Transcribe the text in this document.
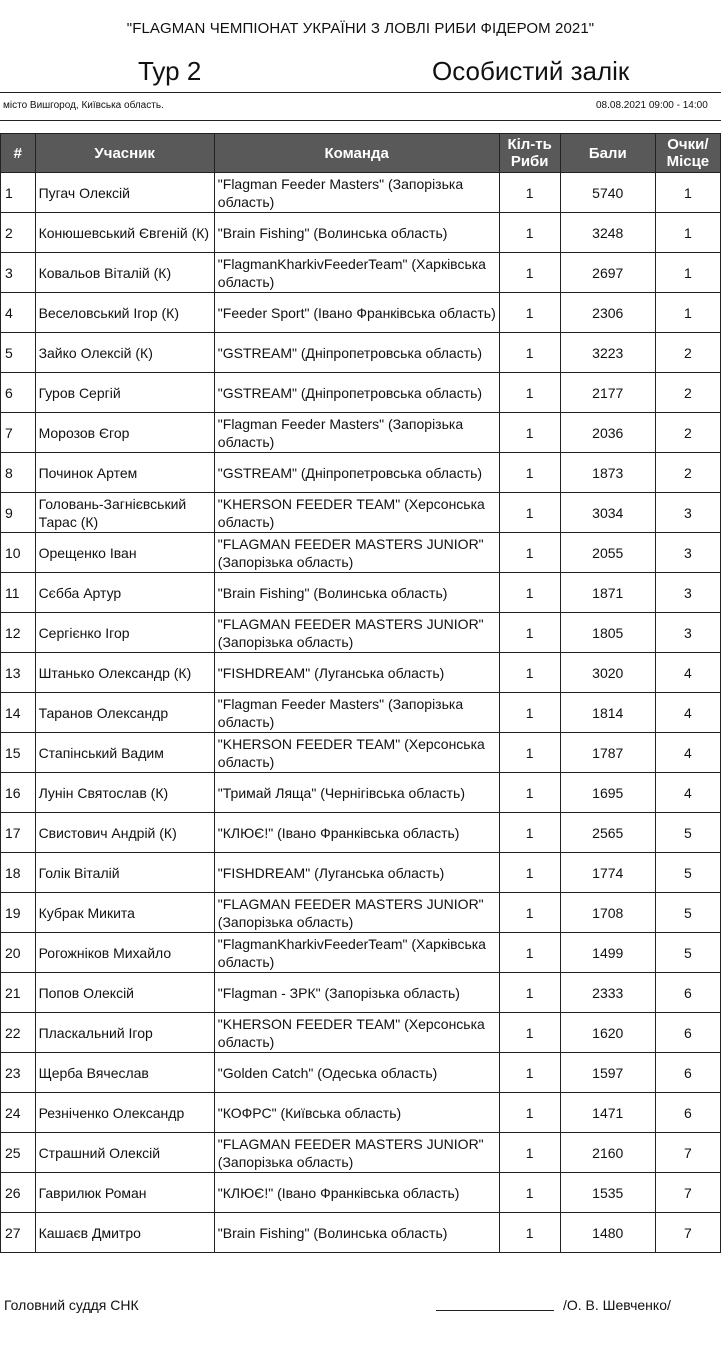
"FLAGMAN ЧЕМПІОНАТ УКРАЇНИ З ЛОВЛІ РИБИ ФІДЕРОМ 2021"
Тур 2	Особистий залік
місто Вишгород, Київська область.	08.08.2021 09:00 - 14:00
#	Учасник	Команда	Кіл-ть Риби	Бали	Очки/ Місце
1	Пугач Олексій	"Flagman Feeder Masters" (Запорізька область)	1	5740	1
2	Конюшевський Євгеній (К)	"Brain Fishing" (Волинська область)	1	3248	1
3	Ковальов Віталій (К)	"FlagmanKharkivFeederTeam" (Харківська область)	1	2697	1
4	Веселовський Ігор (К)	"Feeder Sport" (Івано Франківська область)	1	2306	1
5	Зайко Олексій (К)	"GSTREAM" (Дніпропетровська область)	1	3223	2
6	Гуров Сергій	"GSTREAM" (Дніпропетровська область)	1	2177	2
7	Морозов Єгор	"Flagman Feeder Masters" (Запорізька область)	1	2036	2
8	Починок Артем	"GSTREAM" (Дніпропетровська область)	1	1873	2
9	Головань-Загнієвський Тарас (К)	"KHERSON FEEDER TEAM" (Херсонська область)	1	3034	3
10	Орещенко Іван	"FLAGMAN FEEDER MASTERS JUNIOR" (Запорізька область)	1	2055	3
11	Сєбба Артур	"Brain Fishing" (Волинська область)	1	1871	3
12	Сергієнко Ігор	"FLAGMAN FEEDER MASTERS JUNIOR" (Запорізька область)	1	1805	3
13	Штанько Олександр (К)	"FISHDREAM" (Луганська область)	1	3020	4
14	Таранов Олександр	"Flagman Feeder Masters" (Запорізька область)	1	1814	4
15	Стапінський Вадим	"KHERSON FEEDER TEAM" (Херсонська область)	1	1787	4
16	Лунін Святослав (К)	"Тримай Ляща" (Чернігівська область)	1	1695	4
17	Свистович Андрій (К)	"КЛЮЄ!" (Івано Франківська область)	1	2565	5
18	Голік Віталій	"FISHDREAM" (Луганська область)	1	1774	5
19	Кубрак Микита	"FLAGMAN FEEDER MASTERS JUNIOR" (Запорізька область)	1	1708	5
20	Рогожніков Михайло	"FlagmanKharkivFeederTeam" (Харківська область)	1	1499	5
21	Попов Олексій	"Flagman - ЗРК" (Запорізька область)	1	2333	6
22	Пласкальний Ігор	"KHERSON FEEDER TEAM" (Херсонська область)	1	1620	6
23	Щерба Вячеслав	"Golden Catch" (Одеська область)	1	1597	6
24	Резніченко Олександр	"КОФРС" (Київська область)	1	1471	6
25	Страшний Олексій	"FLAGMAN FEEDER MASTERS JUNIOR" (Запорізька область)	1	2160	7
26	Гаврилюк Роман	"КЛЮЄ!" (Івано Франківська область)	1	1535	7
27	Кашаєв Дмитро	"Brain Fishing" (Волинська область)	1	1480	7
Головний суддя СНК	/О. В. Шевченко/
